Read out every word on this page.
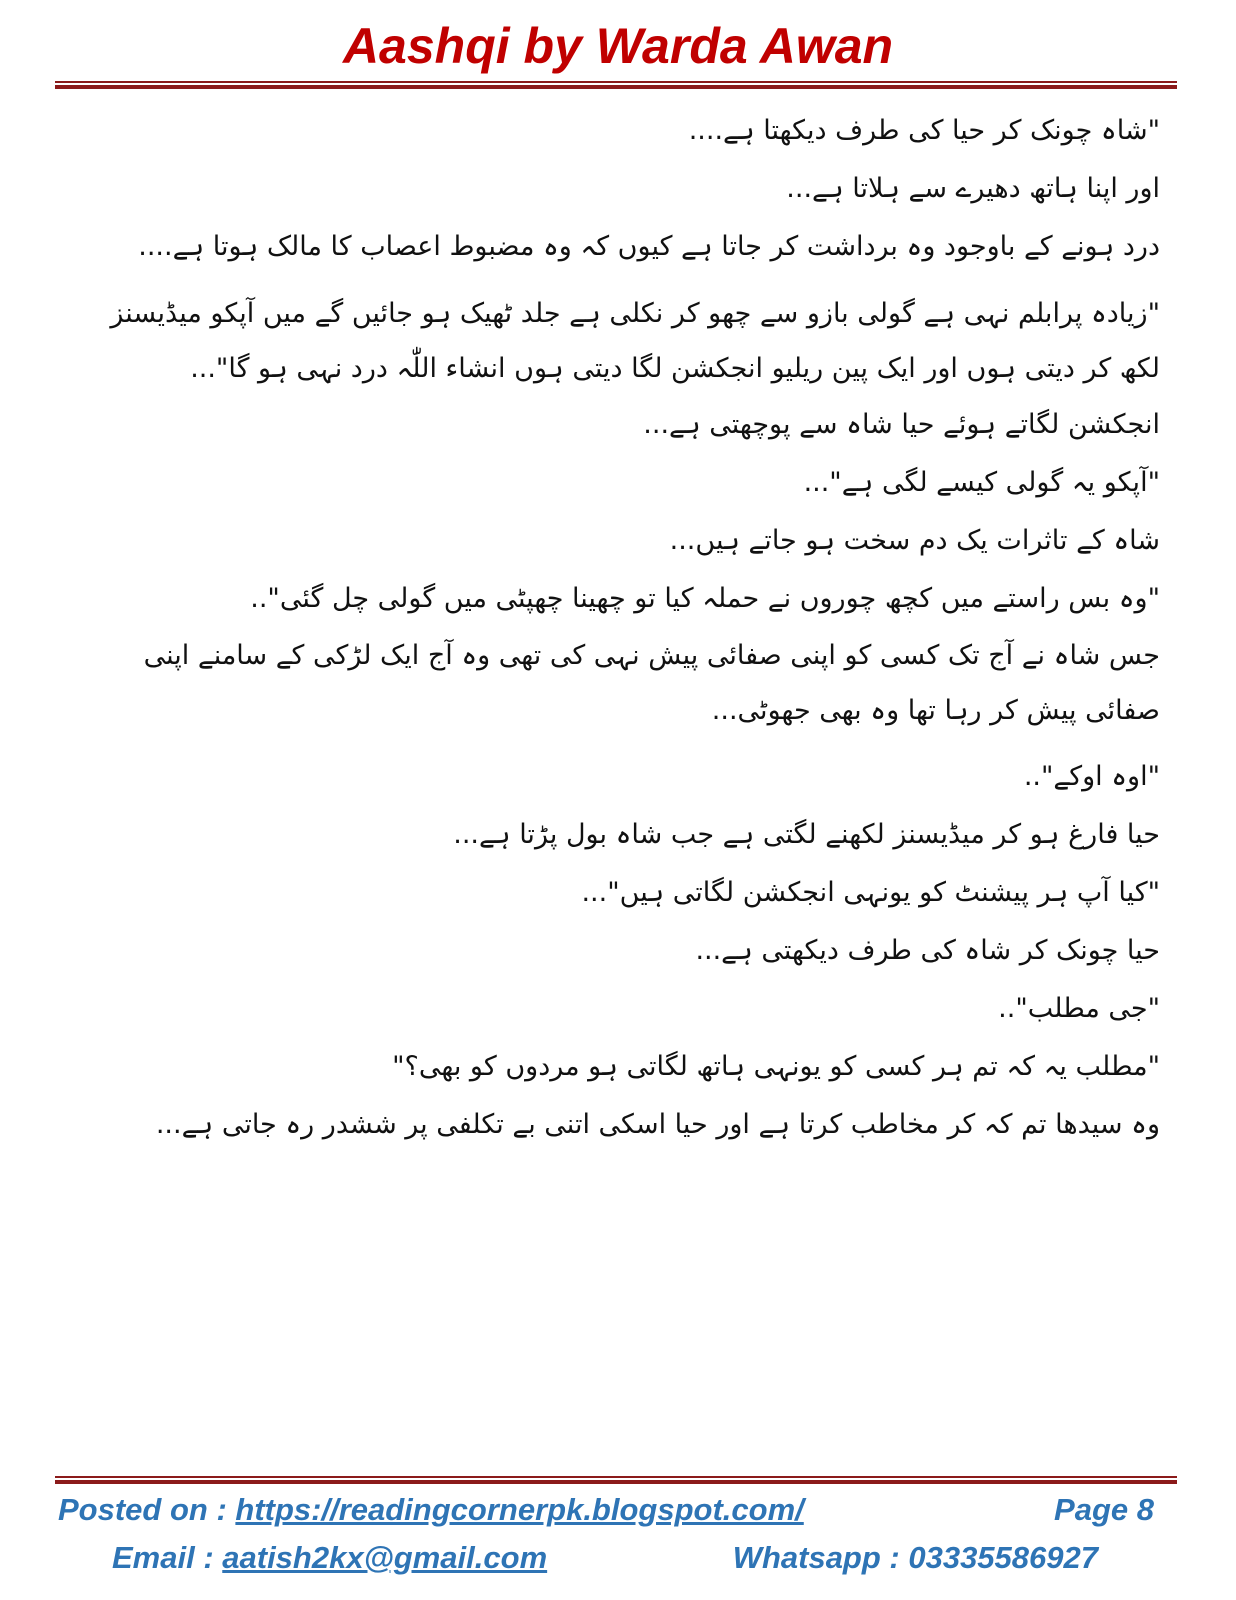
Aashqi by Warda Awan

"شاہ چونک کر حیا کی طرف دیکھتا ہے....

اور اپنا ہاتھ دھیرے سے ہلاتا ہے...

درد ہونے کے باوجود وہ برداشت کر جاتا ہے کیوں کہ وہ مضبوط اعصاب کا مالک ہوتا ہے....

"زیادہ پرابلم نہی ہے گولی بازو سے چھو کر نکلی ہے جلد ٹھیک ہو جائیں گے میں آپکو میڈیسنز لکھ کر دیتی ہوں اور ایک پین ریلیو انجکشن لگا دیتی ہوں انشاء اللّٰہ درد نہی ہو گا"...

انجکشن لگاتے ہوئے حیا شاہ سے پوچھتی ہے...

"آپکو یہ گولی کیسے لگی ہے"...

شاہ کے تاثرات یک دم سخت ہو جاتے ہیں...

"وہ بس راستے میں کچھ چوروں نے حملہ کیا تو چھینا چھپٹی میں گولی چل گئی"..

جس شاہ نے آج تک کسی کو اپنی صفائی پیش نہی کی تھی وہ آج ایک لڑکی کے سامنے اپنی صفائی پیش کر رہا تھا وہ بھی جھوٹی...

"اوہ اوکے"..

حیا فارغ ہو کر میڈیسنز لکھنے لگتی ہے جب شاہ بول پڑتا ہے...

"کیا آپ ہر پیشنٹ کو یونہی انجکشن لگاتی ہیں"...

حیا چونک کر شاہ کی طرف دیکھتی ہے...

"جی مطلب"..

"مطلب یہ کہ تم ہر کسی کو یونہی ہاتھ لگاتی ہو مردوں کو بھی؟"

وہ سیدھا تم کہ کر مخاطب کرتا ہے اور حیا اسکی اتنی بے تکلفی پر ششدر رہ جاتی ہے...

Posted on : https://readingcornerpk.blogspot.com/	Page 8
Email : aatish2kx@gmail.com	Whatsapp : 03335586927
